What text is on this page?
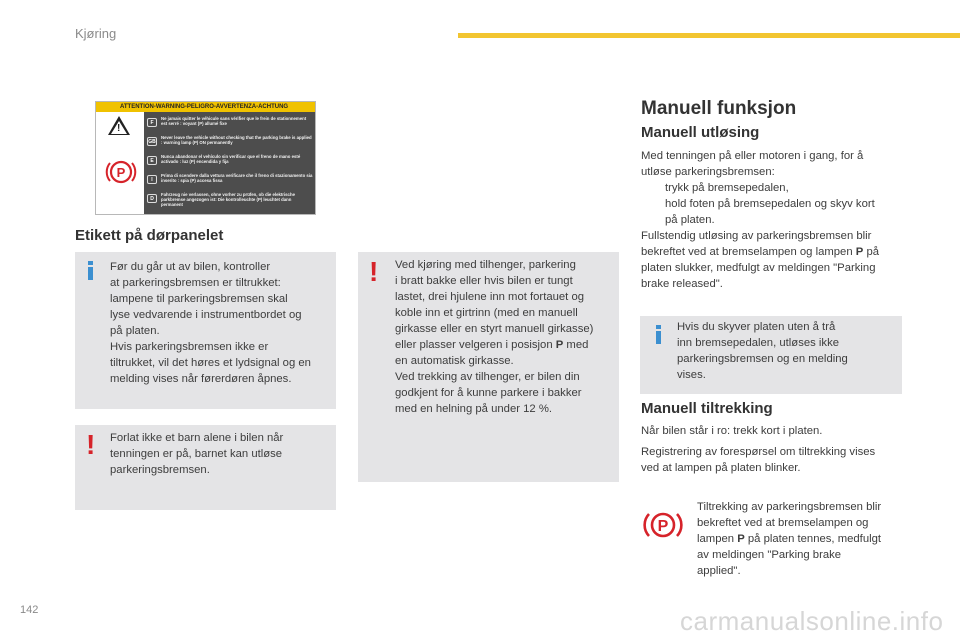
Kjøring
ATTENTION-WARNING-PELIGRO-AVVERTENZA-ACHTUNG
!
P
F
Ne jamais quitter le véhicule sans vérifier que le frein de stationnement est serré : voyant (P) allumé fixe
GB
Never leave the vehicle without checking that the parking brake is applied : warning lamp (P) ON permanently
E
Nunca abandonar el vehículo sin verificar que el freno de mano esté activado : luz (P) encendida y fija
I
Prima di scendere dalla vettura verificare che il freno di stazionamento sia inserito : spia (P) accesa fissa
D
Fahrzeug nie verlassen, ohne vorher zu prüfen, ob die elektrische parkbremse angezogen ist: Die kontrolleuchte (P) leuchtet dann permanent
Etikett på dørpanelet

Før du går ut av bilen, kontroller

at parkeringsbremsen er tiltrukket:

lampene til parkeringsbremsen skal

lyse vedvarende i instrumentbordet og

på platen.

Hvis parkeringsbremsen ikke er

tiltrukket, vil det høres et lydsignal og en

melding vises når førerdøren åpnes.

! Forlat ikke et barn alene i bilen når

tenningen er på, barnet kan utløse

parkeringsbremsen.

! Ved kjøring med tilhenger, parkering

i bratt bakke eller hvis bilen er tungt

lastet, drei hjulene inn mot fortauet og

koble inn et girtrinn (med en manuell

girkasse eller en styrt manuell girkasse)

eller plasser velgeren i posisjon P med

en automatisk girkasse.

Ved trekking av tilhenger, er bilen din

godkjent for å kunne parkere i bakker

med en helning på under 12 %.

Manuell funksjon
Manuell utløsing

Med tenningen på eller motoren i gang, for å

utløse parkeringsbremsen:

trykk på bremsepedalen,

hold foten på bremsepedalen og skyv kort

på platen.

Fullstendig utløsing av parkeringsbremsen blir

bekreftet ved at bremselampen og lampen P på

platen slukker, medfulgt av meldingen "Parking

brake released".

Hvis du skyver platen uten å trå

inn bremsepedalen, utløses ikke

parkeringsbremsen og en melding

vises.

Manuell tiltrekking
Når bilen står i ro: trekk kort i platen.

Registrering av forespørsel om tiltrekking vises

ved at lampen på platen blinker.

P

Tiltrekking av parkeringsbremsen blir

bekreftet ved at bremselampen og

lampen P på platen tennes, medfulgt

av meldingen "Parking brake

applied".

142	carmanualsonline.info
